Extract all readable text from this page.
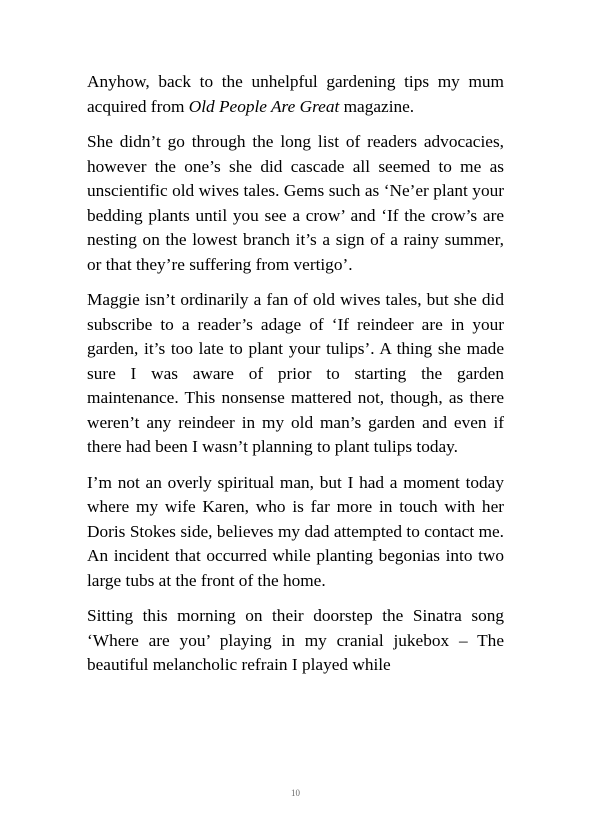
Anyhow, back to the unhelpful gardening tips my mum acquired from Old People Are Great magazine.

She didn’t go through the long list of readers advocacies, however the one’s she did cascade all seemed to me as unscientific old wives tales. Gems such as ‘Ne’er plant your bedding plants until you see a crow’ and ‘If the crow’s are nesting on the lowest branch it’s a sign of a rainy summer, or that they’re suffering from vertigo’.

Maggie isn’t ordinarily a fan of old wives tales, but she did subscribe to a reader’s adage of ‘If reindeer are in your garden, it’s too late to plant your tulips’. A thing she made sure I was aware of prior to starting the garden maintenance. This nonsense mattered not, though, as there weren’t any reindeer in my old man’s garden and even if there had been I wasn’t planning to plant tulips today.

I’m not an overly spiritual man, but I had a moment today where my wife Karen, who is far more in touch with her Doris Stokes side, believes my dad attempted to contact me. An incident that occurred while planting begonias into two large tubs at the front of the home.

Sitting this morning on their doorstep the Sinatra song ‘Where are you’ playing in my cranial jukebox – The beautiful melancholic refrain I played while

10
